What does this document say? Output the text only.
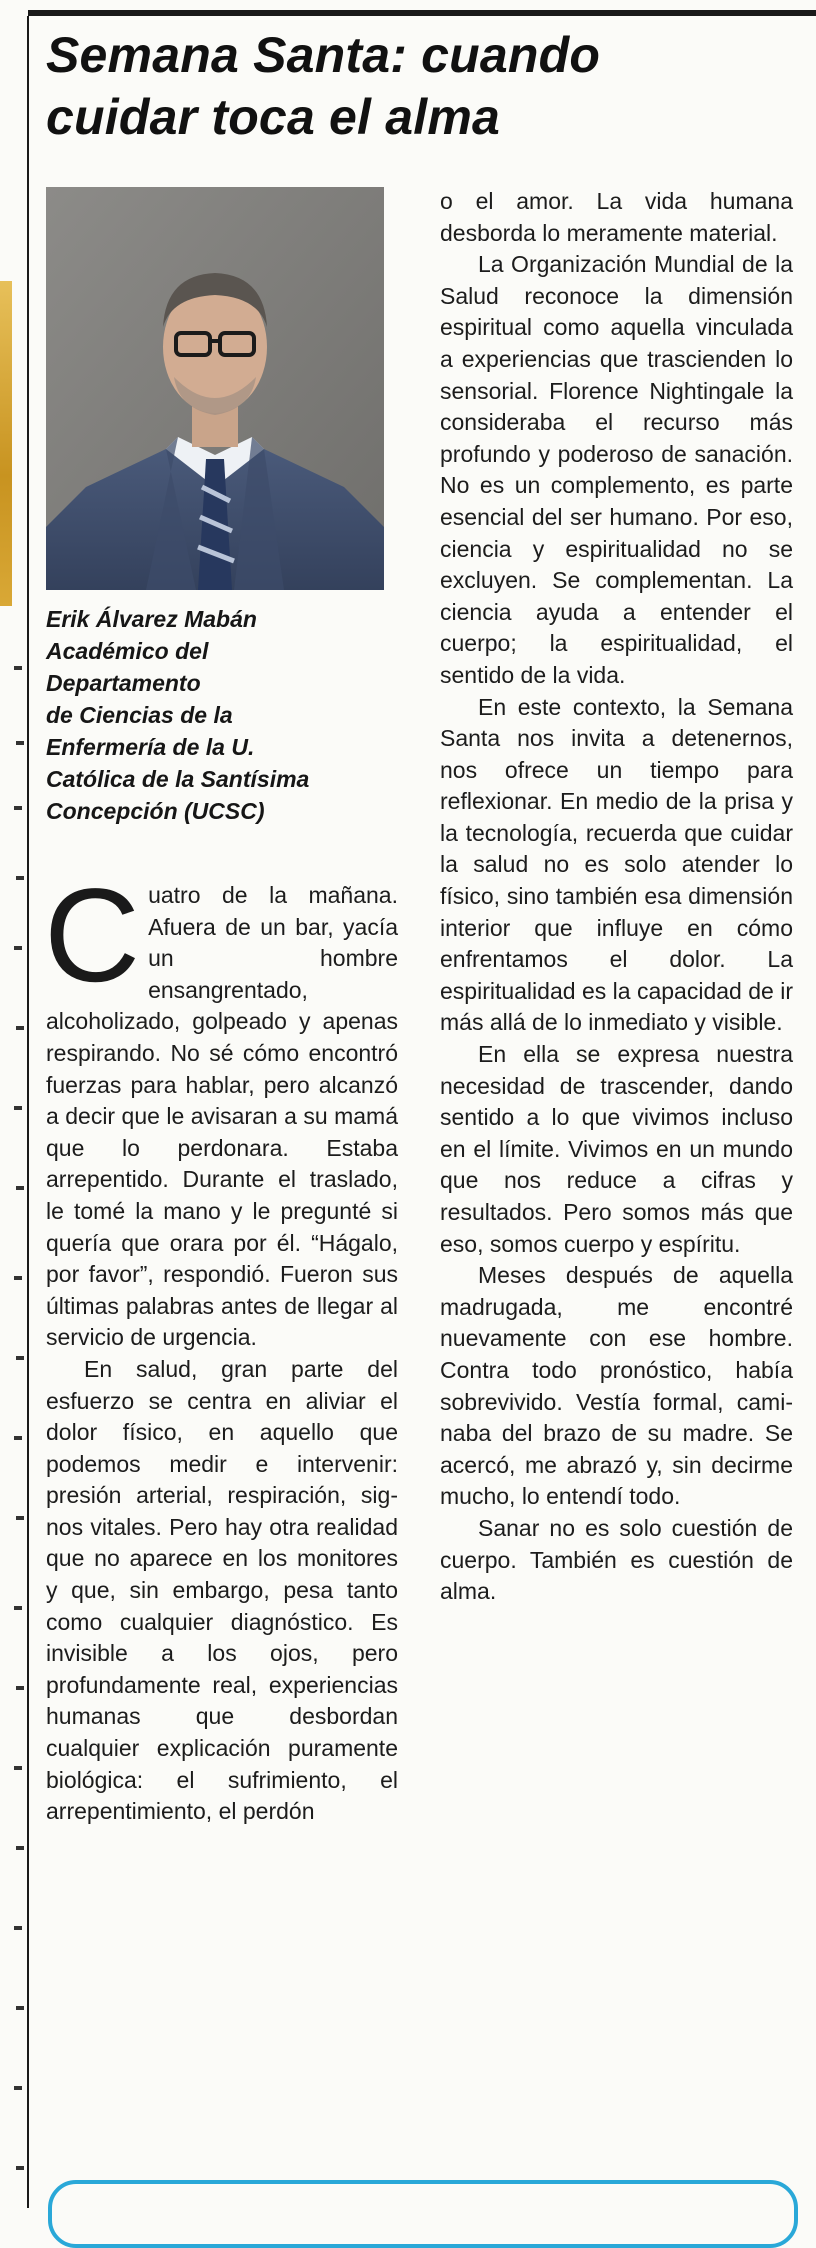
Semana Santa: cuando
cuidar toca el alma
Erik Álvarez Mabán
Académico del
Departamento
de Ciencias de la
Enfermería de la U.
Católica de la Santísima
Concepción (UCSC)

Cuatro de la mañana. Afuera de un bar, yacía un hombre ensangrentado, alcoholizado, golpeado y apenas respirando. No sé cómo encontró fuerzas para hablar, pero alcanzó a decir que le avisaran a su mamá que lo perdonara. Estaba arrepentido. Durante el traslado, le tomé la mano y le pregunté si quería que orara por él. “Hágalo, por favor”, respondió. Fueron sus últimas palabras antes de llegar al servicio de urgencia.

En salud, gran parte del esfuerzo se centra en aliviar el dolor físico, en aquello que podemos medir e intervenir: presión arterial, respiración, signos vitales. Pero hay otra realidad que no aparece en los monitores y que, sin embargo, pesa tanto como cualquier diagnóstico. Es invisible a los ojos, pero profundamente real, experiencias humanas que desbordan cualquier explicación puramente biológica: el sufrimiento, el arrepentimiento, el perdón

o el amor. La vida humana desborda lo meramente material.

La Organización Mundial de la Salud reconoce la dimensión espiritual como aquella vinculada a experiencias que trascienden lo sensorial. Florence Nightingale la consideraba el recurso más profundo y poderoso de sanación. No es un complemento, es parte esencial del ser humano. Por eso, ciencia y espiritualidad no se excluyen. Se complementan. La ciencia ayuda a entender el cuerpo; la espiritualidad, el sentido de la vida.

En este contexto, la Semana Santa nos invita a detenernos, nos ofrece un tiempo para reflexionar. En medio de la prisa y la tecnología, recuerda que cuidar la salud no es solo atender lo físico, sino también esa dimensión interior que influye en cómo enfrentamos el dolor. La espiritualidad es la capacidad de ir más allá de lo inmediato y visible.

En ella se expresa nuestra necesidad de trascender, dando sentido a lo que vivimos incluso en el límite. Vivimos en un mundo que nos reduce a cifras y resultados. Pero somos más que eso, somos cuerpo y espíritu.

Meses después de aquella madrugada, me encontré nuevamente con ese hombre. Contra todo pronóstico, había sobrevivido. Vestía formal, caminaba del brazo de su madre. Se acercó, me abrazó y, sin decirme mucho, lo entendí todo.

Sanar no es solo cuestión de cuerpo. También es cuestión de alma.
